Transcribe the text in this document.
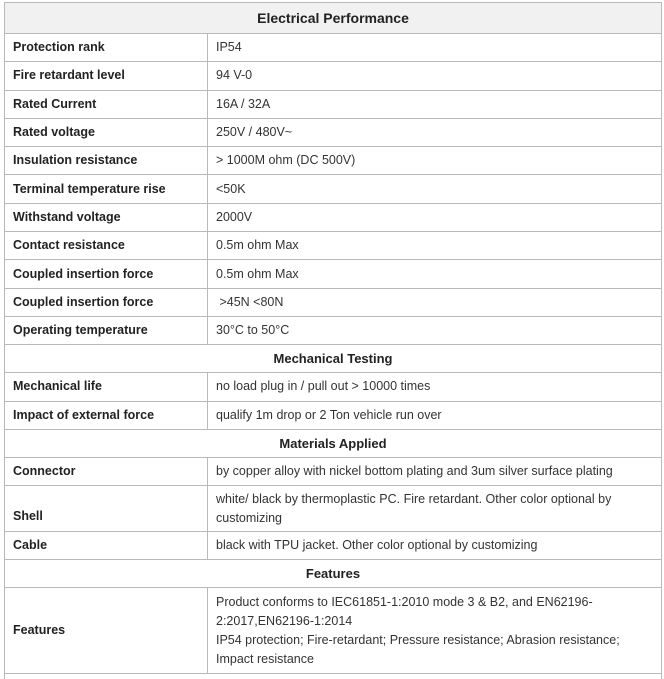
Electrical Performance	
Protection rank	IP54
Fire retardant level	94 V-0
Rated Current	16A / 32A
Rated voltage	250V / 480V~
Insulation resistance	> 1000M ohm (DC 500V)
Terminal temperature rise	<50K
Withstand voltage	2000V
Contact resistance	0.5m ohm Max
Coupled insertion force	0.5m ohm Max
Coupled insertion force	>45N <80N
Operating temperature	30°C to 50°C
Mechanical Testing	
Mechanical life	no load plug in / pull out > 10000 times
Impact of external force	qualify 1m drop or 2 Ton vehicle run over
Materials Applied	
Connector	by copper alloy with nickel bottom plating and 3um silver surface plating
Shell	white/ black by thermoplastic PC. Fire retardant. Other color optional by customizing
Cable	black with TPU jacket. Other color optional by customizing
Features	
Features	Product conforms to IEC61851-1:2010 mode 3 & B2, and EN62196-2:2017,EN62196-1:2014
IP54 protection; Fire-retardant; Pressure resistance; Abrasion resistance; Impact resistance
